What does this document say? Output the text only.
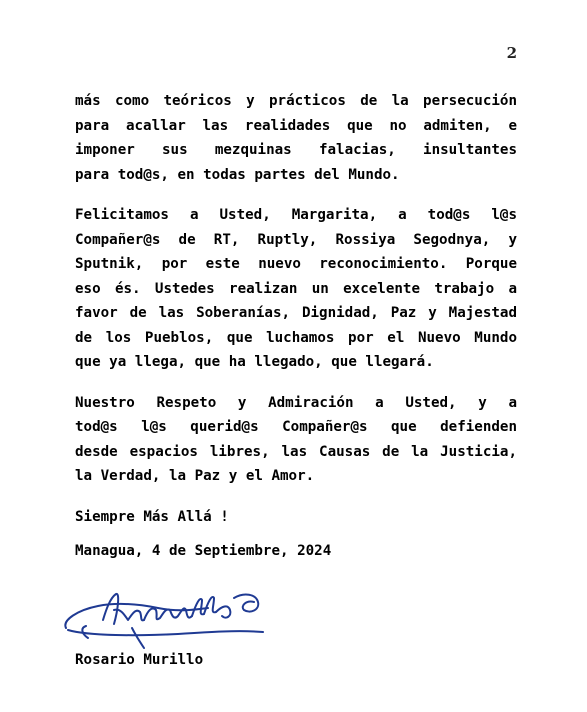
2
más como teóricos y prácticos de la persecución
para acallar las realidades que no admiten, e
imponer sus mezquinas falacias, insultantes
para tod@s, en todas partes del Mundo.
Felicitamos a Usted, Margarita, a tod@s l@s
Compañer@s de RT, Ruptly, Rossiya Segodnya, y
Sputnik, por este nuevo reconocimiento. Porque
eso és. Ustedes realizan un excelente trabajo a
favor de las Soberanías, Dignidad, Paz y Majestad
de los Pueblos, que luchamos por el Nuevo Mundo
que ya llega, que ha llegado, que llegará.
Nuestro Respeto y Admiración a Usted, y a
tod@s l@s querid@s Compañer@s que defienden
desde espacios libres, las Causas de la Justicia,
la Verdad, la Paz y el Amor.
Siempre Más Allá !
Managua, 4 de Septiembre, 2024
Rosario Murillo
